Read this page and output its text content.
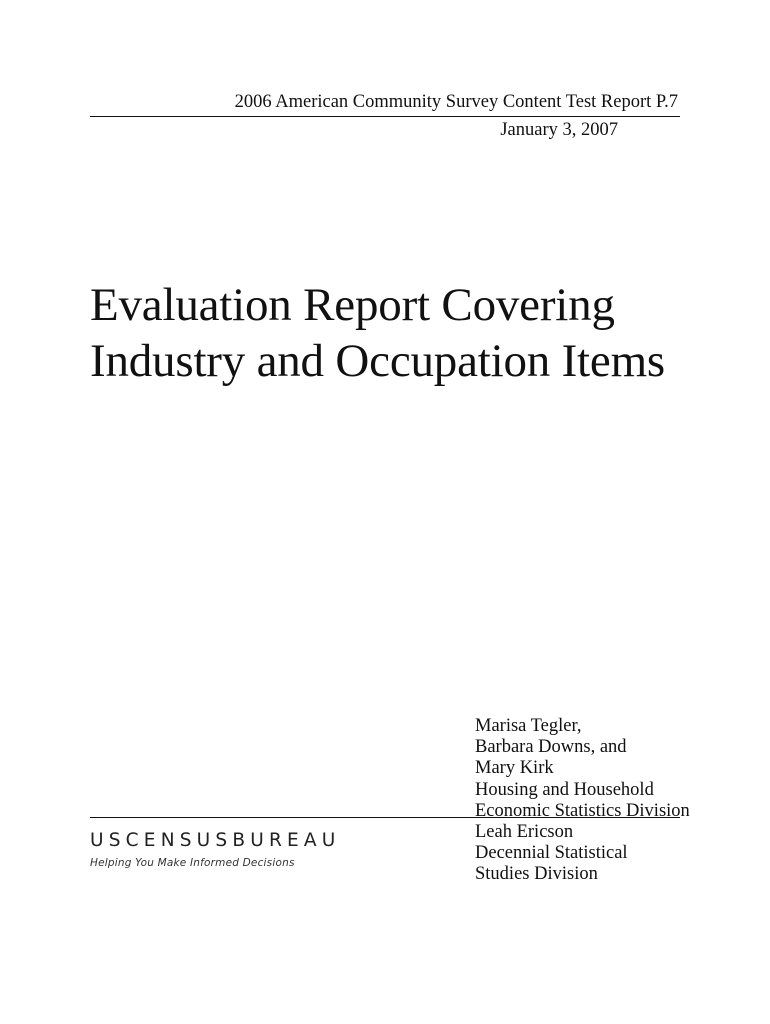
2006 American Community Survey Content Test Report P.7
January 3, 2007
Evaluation Report Covering
Industry and Occupation Items
Marisa Tegler,
Barbara Downs, and
Mary Kirk
Housing and Household
Economic Statistics Division
Leah Ericson
Decennial Statistical
Studies Division
USCENSUSBUREAU
Helping You Make Informed Decisions
